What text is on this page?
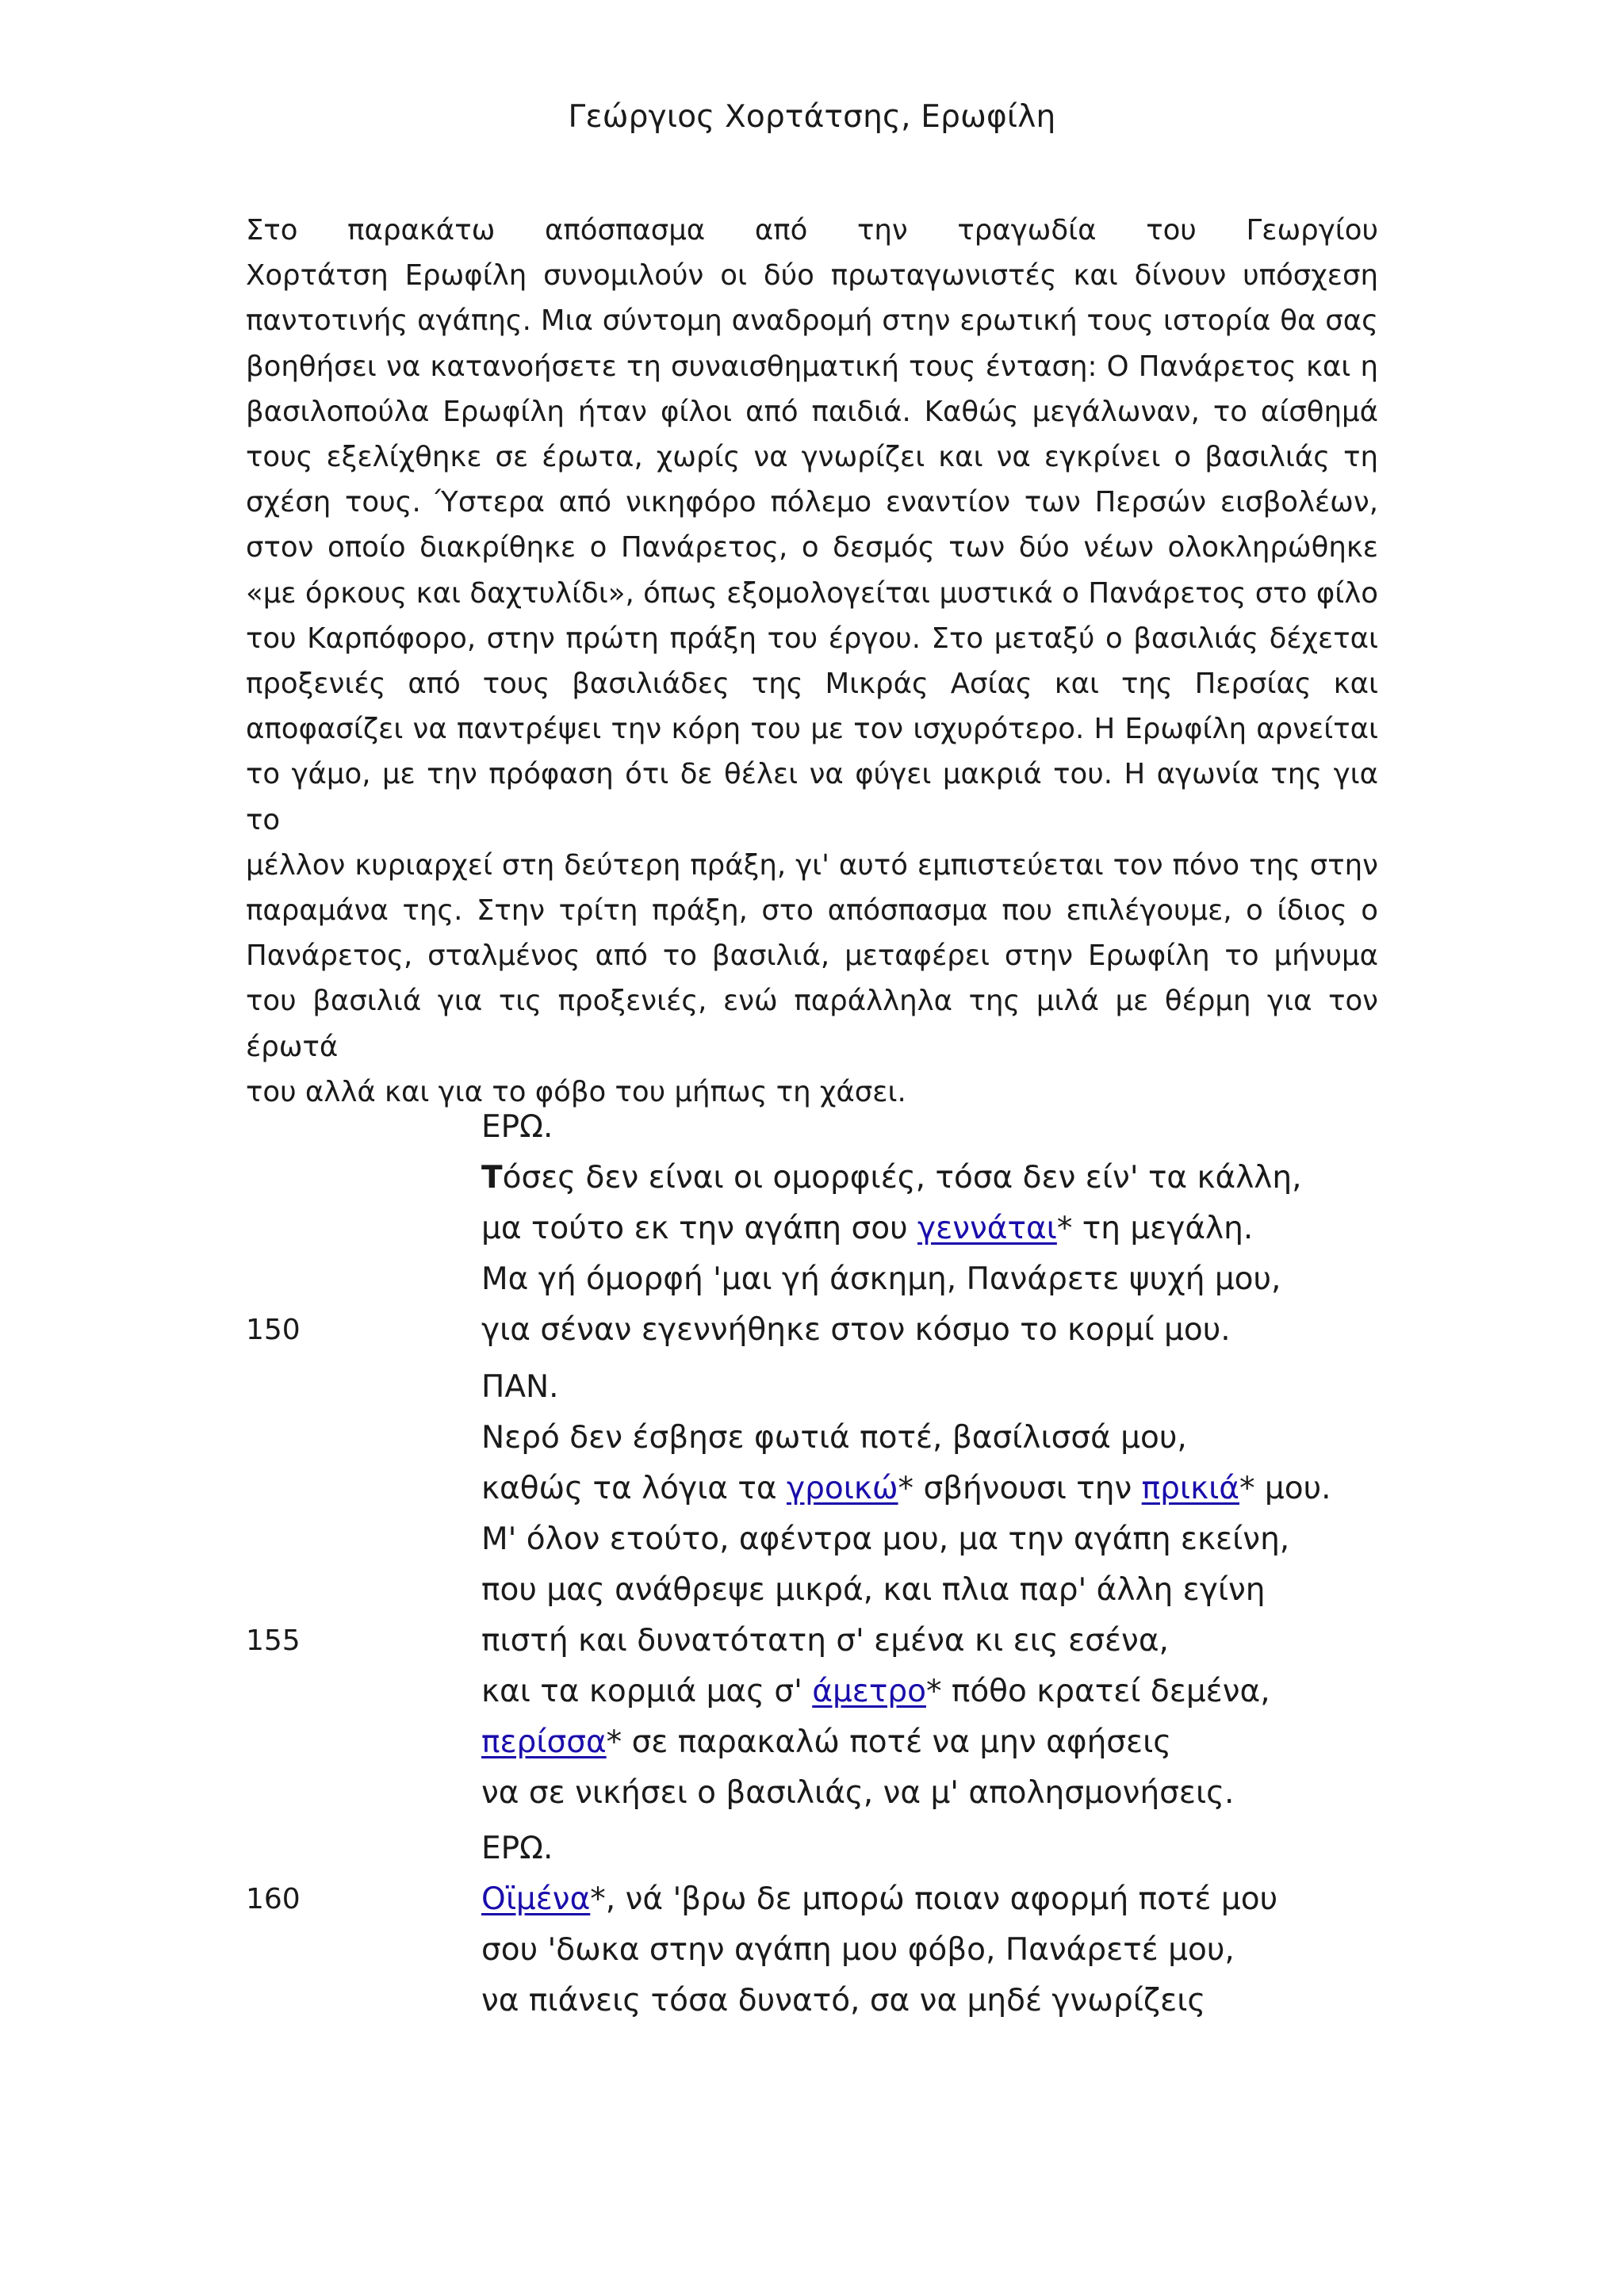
Γεώργιος Χορτάτσης, Ερωφίλη
Στο παρακάτω απόσπασμα από την τραγωδία του Γεωργίου
Χορτάτση Ερωφίλη συνομιλούν οι δύο πρωταγωνιστές και δίνουν υπόσχεση
παντοτινής αγάπης. Μια σύντομη αναδρομή στην ερωτική τους ιστορία θα σας
βοηθήσει να κατανοήσετε τη συναισθηματική τους ένταση: Ο Πανάρετος και η
βασιλοπούλα Ερωφίλη ήταν φίλοι από παιδιά. Καθώς μεγάλωναν, το αίσθημά
τους εξελίχθηκε σε έρωτα, χωρίς να γνωρίζει και να εγκρίνει ο βασιλιάς τη
σχέση τους. Ύστερα από νικηφόρο πόλεμο εναντίον των Περσών εισβολέων,
στον οποίο διακρίθηκε ο Πανάρετος, ο δεσμός των δύο νέων ολοκληρώθηκε
«με όρκους και δαχτυλίδι», όπως εξομολογείται μυστικά ο Πανάρετος στο φίλο
του Καρπόφορο, στην πρώτη πράξη του έργου. Στο μεταξύ ο βασιλιάς δέχεται
προξενιές από τους βασιλιάδες της Μικράς Ασίας και της Περσίας και
αποφασίζει να παντρέψει την κόρη του με τον ισχυρότερο. Η Ερωφίλη αρνείται
το γάμο, με την πρόφαση ότι δε θέλει να φύγει μακριά του. Η αγωνία της για το
μέλλον κυριαρχεί στη δεύτερη πράξη, γι' αυτό εμπιστεύεται τον πόνο της στην
παραμάνα της. Στην τρίτη πράξη, στο απόσπασμα που επιλέγουμε, ο ίδιος ο
Πανάρετος, σταλμένος από το βασιλιά, μεταφέρει στην Ερωφίλη το μήνυμα
του βασιλιά για τις προξενιές, ενώ παράλληλα της μιλά με θέρμη για τον έρωτά
του αλλά και για το φόβο του μήπως τη χάσει.
ΕΡΩ.
Τόσες δεν είναι οι ομορφιές, τόσα δεν είν' τα κάλλη,
μα τούτο εκ την αγάπη σου γεννάται* τη μεγάλη.
Μα γή όμορφή 'μαι γή άσκημη, Πανάρετε ψυχή μου,
150	για σέναν εγεννήθηκε στον κόσμο το κορμί μου.
ΠΑΝ.
Νερό δεν έσβησε φωτιά ποτέ, βασίλισσά μου,
καθώς τα λόγια τα γροικώ* σβήνουσι την πρικιά* μου.
Μ' όλον ετούτο, αφέντρα μου, μα την αγάπη εκείνη,
που μας ανάθρεψε μικρά, και πλια παρ' άλλη εγίνη
155	πιστή και δυνατότατη σ' εμένα κι εις εσένα,
και τα κορμιά μας σ' άμετρο* πόθο κρατεί δεμένα,
περίσσα* σε παρακαλώ ποτέ να μην αφήσεις
να σε νικήσει ο βασιλιάς, να μ' απολησμονήσεις.
ΕΡΩ.
160	Οϊμένα*, νά 'βρω δε μπορώ ποιαν αφορμή ποτέ μου
σου 'δωκα στην αγάπη μου φόβο, Πανάρετέ μου,
να πιάνεις τόσα δυνατό, σα να μηδέ γνωρίζεις
